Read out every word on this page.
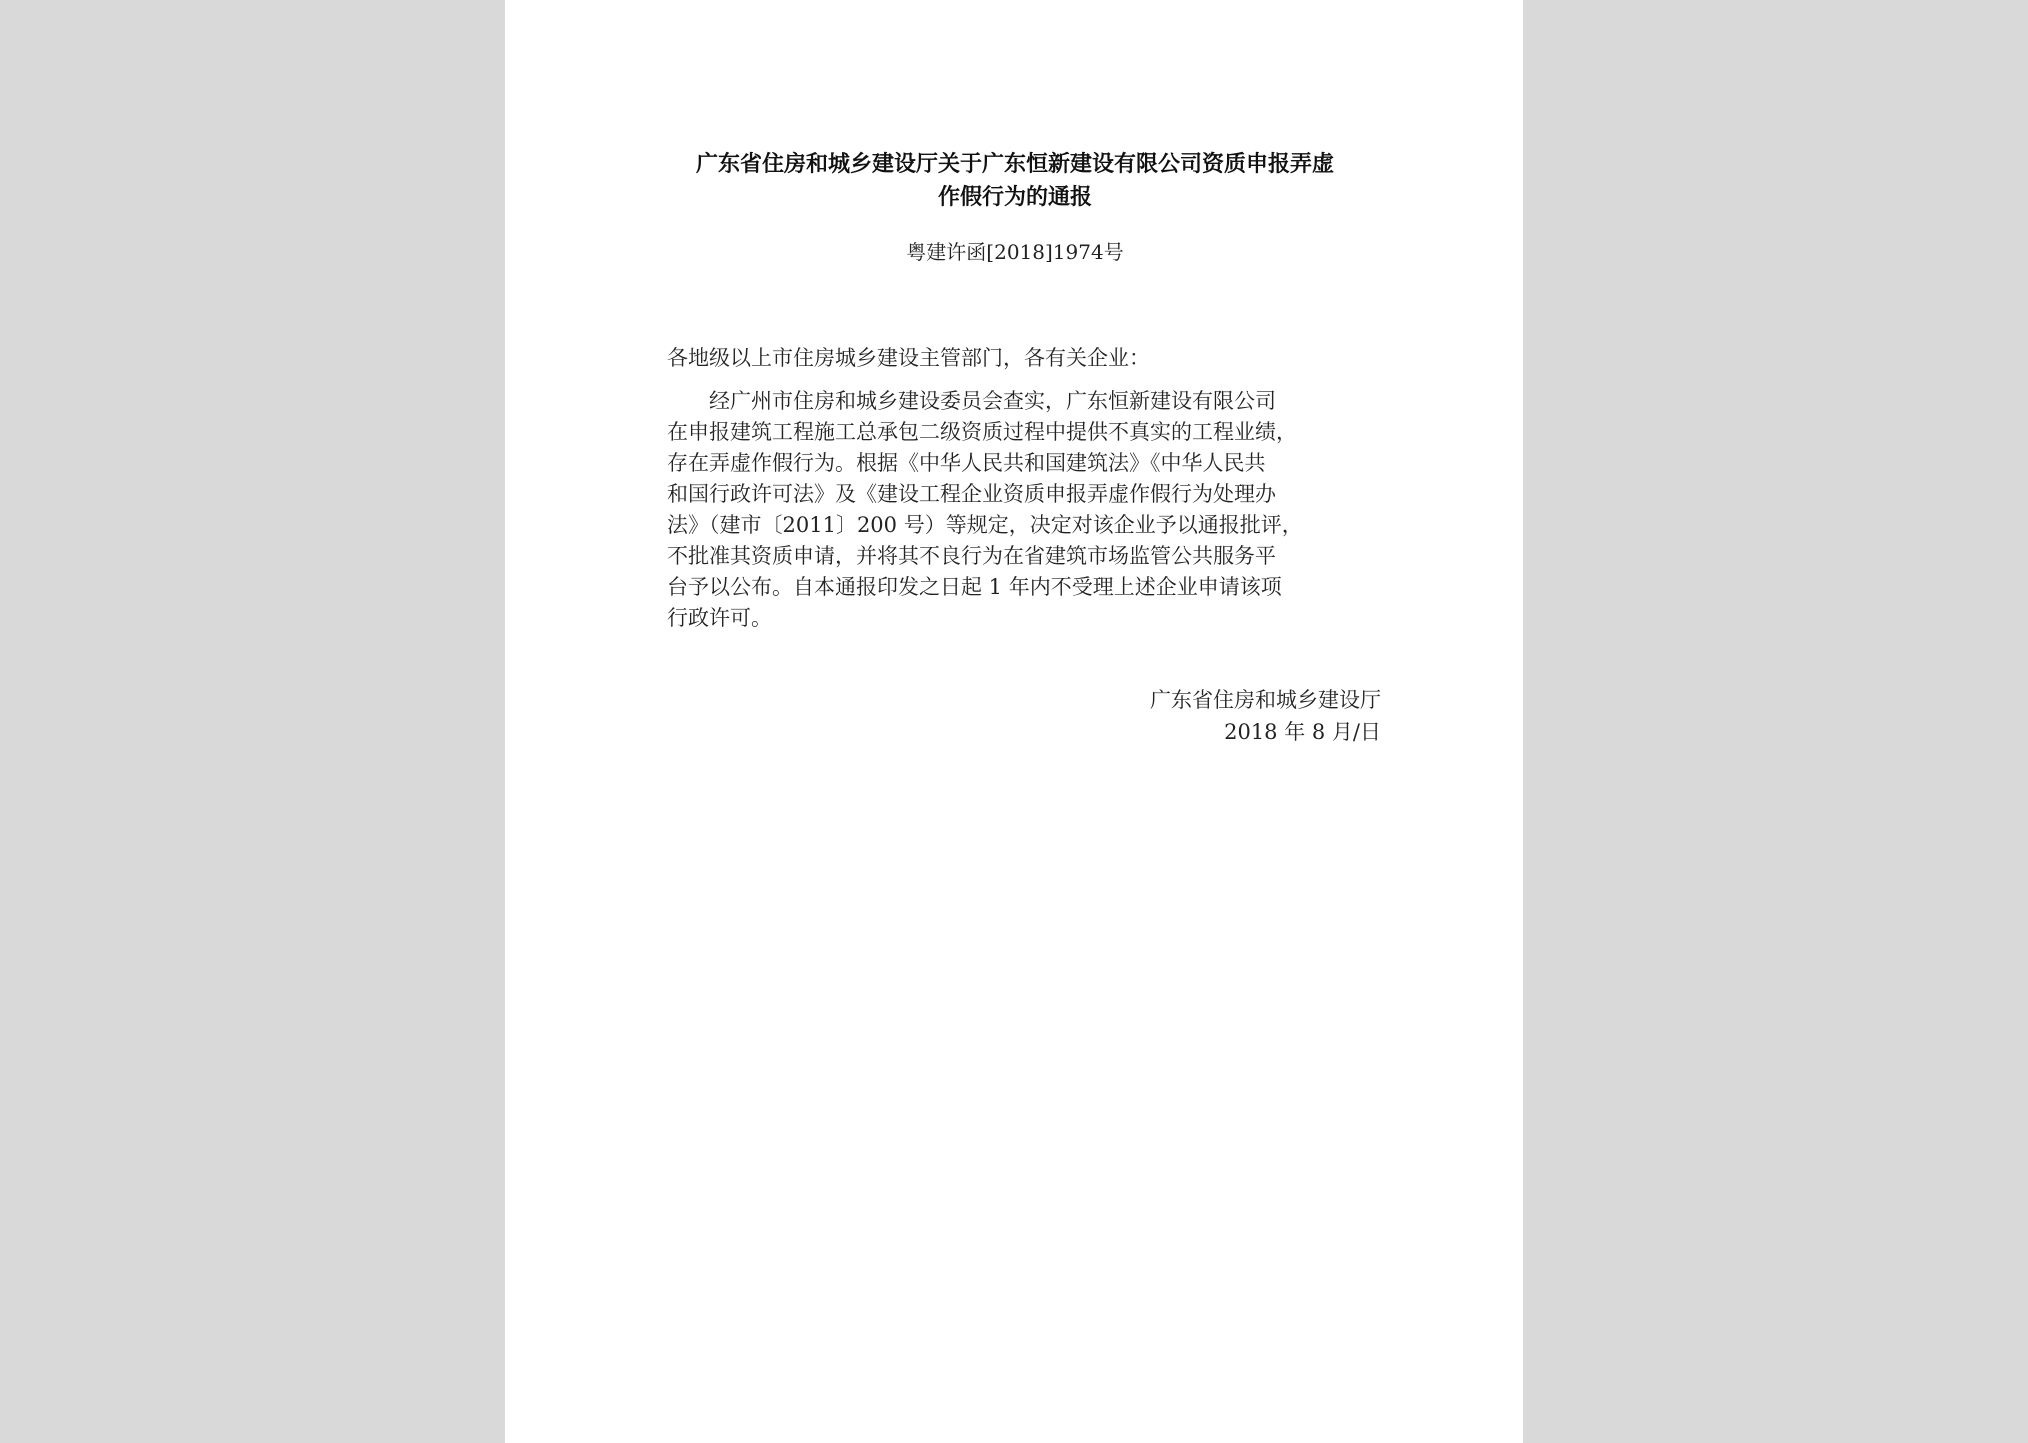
广东省住房和城乡建设厅关于广东恒新建设有限公司资质申报弄虚
作假行为的通报
粤建许函[2018]1974号
各地级以上市住房城乡建设主管部门，各有关企业：
　　经广州市住房和城乡建设委员会查实，广东恒新建设有限公司
在申报建筑工程施工总承包二级资质过程中提供不真实的工程业绩，
存在弄虚作假行为。根据《中华人民共和国建筑法》《中华人民共
和国行政许可法》及《建设工程企业资质申报弄虚作假行为处理办
法》（建市〔2011〕200 号）等规定，决定对该企业予以通报批评，
不批准其资质申请，并将其不良行为在省建筑市场监管公共服务平
台予以公布。自本通报印发之日起 1 年内不受理上述企业申请该项
行政许可。
广东省住房和城乡建设厅
2018 年 8 月/日
